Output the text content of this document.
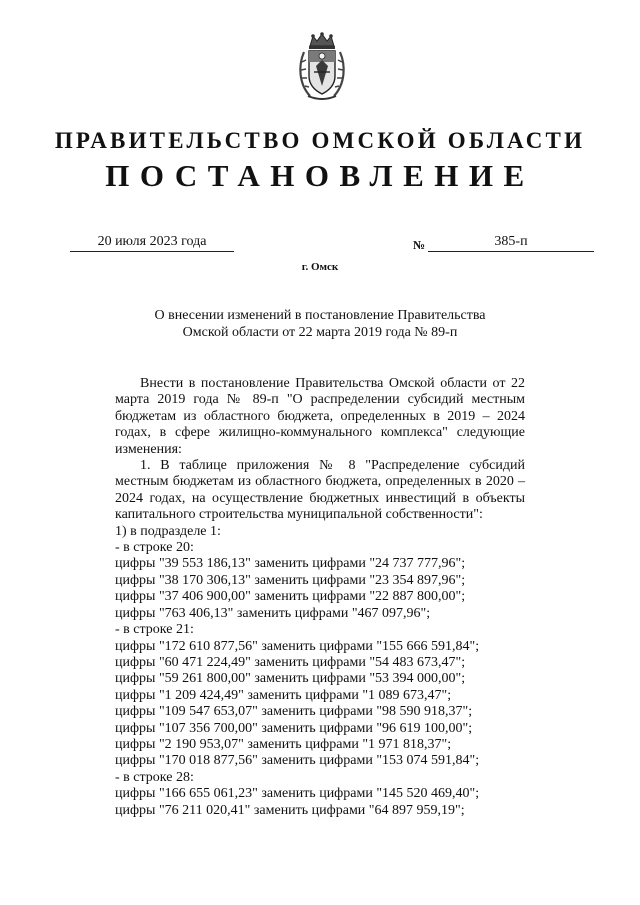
ПРАВИТЕЛЬСТВО ОМСКОЙ ОБЛАСТИ
ПОСТАНОВЛЕНИЕ
20 июля 2023 года	№	385-п
г. Омск
О внесении изменений в постановление Правительства
Омской области от 22 марта 2019 года № 89-п
Внести в постановление Правительства Омской области от 22 марта 2019 года № 89-п "О распределении субсидий местным бюджетам из областного бюджета, определенных в 2019 – 2024 годах, в сфере жилищно-коммунального комплекса" следующие изменения:
1. В таблице приложения № 8 "Распределение субсидий местным бюджетам из областного бюджета, определенных в 2020 – 2024 годах, на осуществление бюджетных инвестиций в объекты капитального строительства муниципальной собственности":
1) в подразделе 1:
- в строке 20:
цифры "39 553 186,13" заменить цифрами "24 737 777,96";
цифры "38 170 306,13" заменить цифрами "23 354 897,96";
цифры "37 406 900,00" заменить цифрами "22 887 800,00";
цифры "763 406,13" заменить цифрами "467 097,96";
- в строке 21:
цифры "172 610 877,56" заменить цифрами "155 666 591,84";
цифры "60 471 224,49" заменить цифрами "54 483 673,47";
цифры "59 261 800,00" заменить цифрами "53 394 000,00";
цифры "1 209 424,49" заменить цифрами "1 089 673,47";
цифры "109 547 653,07" заменить цифрами "98 590 918,37";
цифры "107 356 700,00" заменить цифрами "96 619 100,00";
цифры "2 190 953,07" заменить цифрами "1 971 818,37";
цифры "170 018 877,56" заменить цифрами "153 074 591,84";
- в строке 28:
цифры "166 655 061,23" заменить цифрами "145 520 469,40";
цифры "76 211 020,41" заменить цифрами "64 897 959,19";
